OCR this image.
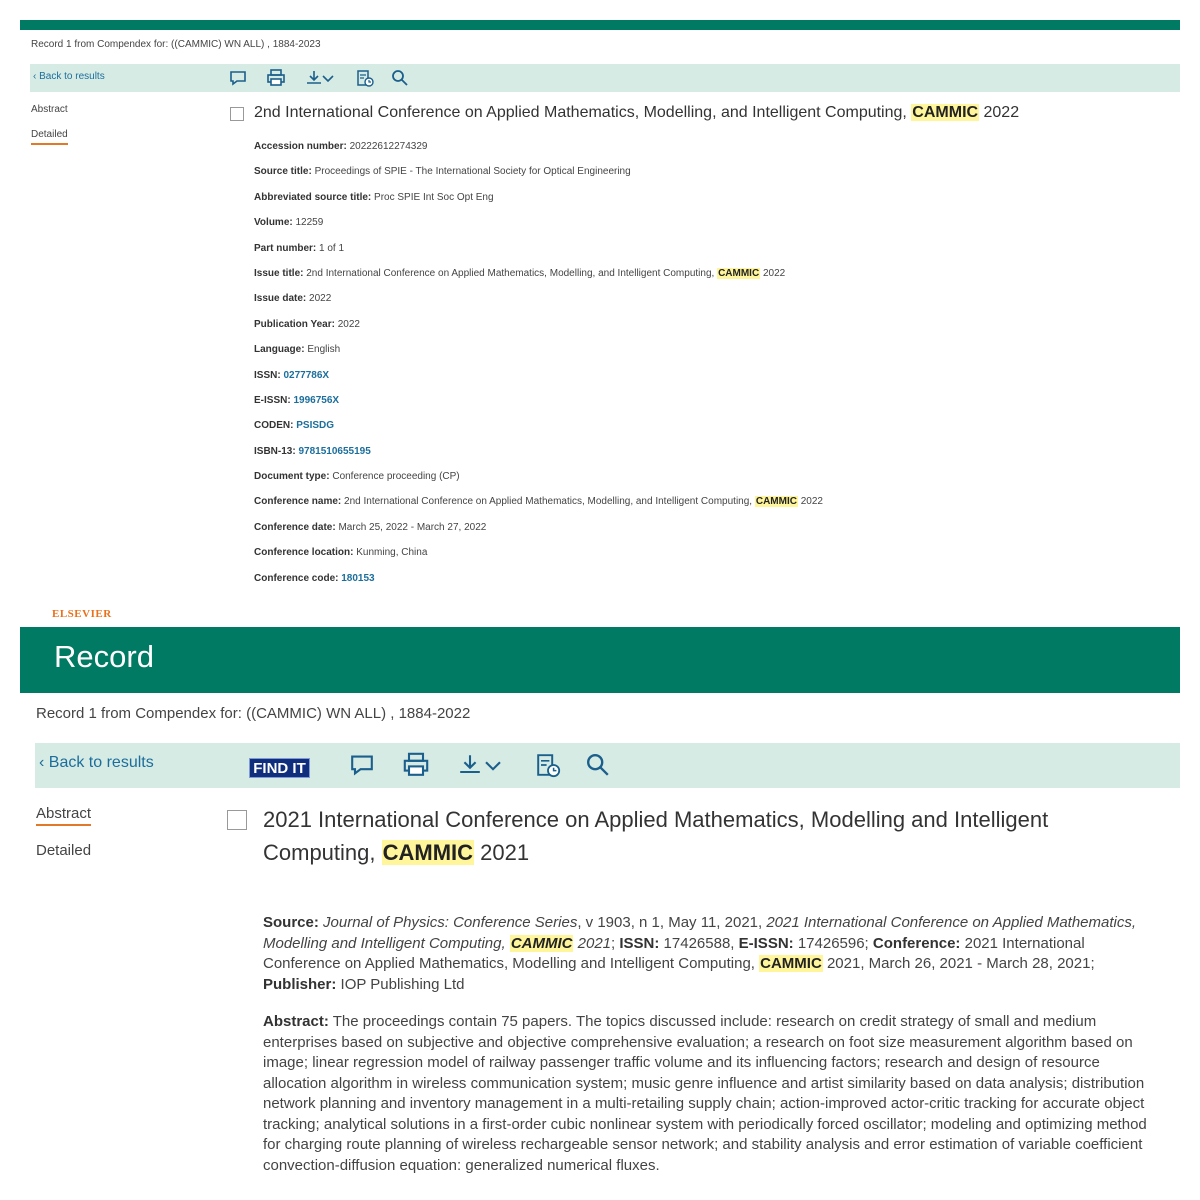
Record 1 from Compendex for: ((CAMMIC) WN ALL) , 1884-2023
‹ Back to results
Abstract
Detailed
2nd International Conference on Applied Mathematics, Modelling, and Intelligent Computing, CAMMIC 2022
Accession number: 20222612274329
Source title: Proceedings of SPIE - The International Society for Optical Engineering
Abbreviated source title: Proc SPIE Int Soc Opt Eng
Volume: 12259
Part number: 1 of 1
Issue title: 2nd International Conference on Applied Mathematics, Modelling, and Intelligent Computing, CAMMIC 2022
Issue date: 2022
Publication Year: 2022
Language: English
ISSN: 0277786X
E-ISSN: 1996756X
CODEN: PSISDG
ISBN-13: 9781510655195
Document type: Conference proceeding (CP)
Conference name: 2nd International Conference on Applied Mathematics, Modelling, and Intelligent Computing, CAMMIC 2022
Conference date: March 25, 2022 - March 27, 2022
Conference location: Kunming, China
Conference code: 180153
ELSEVIER
Record
Record 1 from Compendex for: ((CAMMIC) WN ALL) , 1884-2022
‹ Back to results	FIND IT
Abstract
Detailed
2021 International Conference on Applied Mathematics, Modelling and Intelligent Computing, CAMMIC 2021
Source: Journal of Physics: Conference Series, v 1903, n 1, May 11, 2021, 2021 International Conference on Applied Mathematics, Modelling and Intelligent Computing, CAMMIC 2021; ISSN: 17426588, E-ISSN: 17426596; Conference: 2021 International Conference on Applied Mathematics, Modelling and Intelligent Computing, CAMMIC 2021, March 26, 2021 - March 28, 2021; Publisher: IOP Publishing Ltd
Abstract: The proceedings contain 75 papers. The topics discussed include: research on credit strategy of small and medium enterprises based on subjective and objective comprehensive evaluation; a research on foot size measurement algorithm based on image; linear regression model of railway passenger traffic volume and its influencing factors; research and design of resource allocation algorithm in wireless communication system; music genre influence and artist similarity based on data analysis; distribution network planning and inventory management in a multi-retailing supply chain; action-improved actor-critic tracking for accurate object tracking; analytical solutions in a first-order cubic nonlinear system with periodically forced oscillator; modeling and optimizing method for charging route planning of wireless rechargeable sensor network; and stability analysis and error estimation of variable coefficient convection-diffusion equation: generalized numerical fluxes.
